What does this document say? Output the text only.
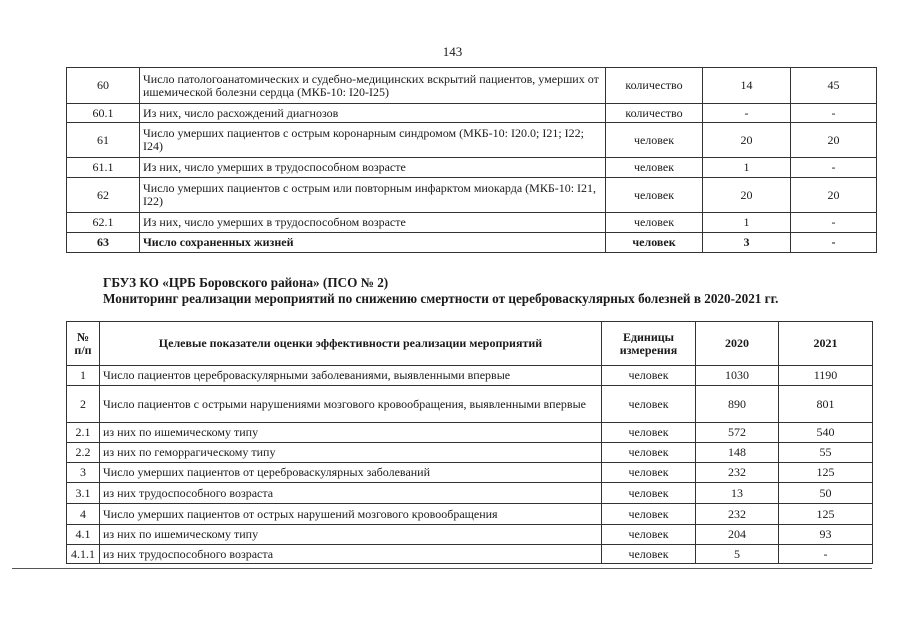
143
60	Число патологоанатомических и судебно-медицинских вскрытий пациентов, умерших от ишемической болезни сердца (МКБ-10: I20-I25)	количество	14	45
60.1	Из них, число расхождений диагнозов	количество	-	-
61	Число умерших пациентов с острым коронарным синдромом (МКБ-10: I20.0; I21; I22; I24)	человек	20	20
61.1	Из них, число умерших в трудоспособном возрасте	человек	1	-
62	Число умерших пациентов с острым или повторным инфарктом миокарда (МКБ-10: I21, I22)	человек	20	20
62.1	Из них, число умерших в трудоспособном возрасте	человек	1	-
63	Число сохраненных жизней	человек	3	-
ГБУЗ КО «ЦРБ Боровского района» (ПСО № 2)
Мониторинг реализации мероприятий по снижению смертности от цереброваскулярных болезней в 2020-2021 гг.
№ п/п	Целевые показатели оценки эффективности реализации мероприятий	Единицы измерения	2020	2021
1	Число пациентов цереброваскулярными заболеваниями, выявленными впервые	человек	1030	1190
2	Число пациентов с острыми нарушениями мозгового кровообращения, выявленными впервые	человек	890	801
2.1	из них по ишемическому типу	человек	572	540
2.2	из них по геморрагическому типу	человек	148	55
3	Число умерших пациентов от цереброваскулярных заболеваний	человек	232	125
3.1	из них трудоспособного возраста	человек	13	50
4	Число умерших пациентов от острых нарушений мозгового кровообращения	человек	232	125
4.1	из них по ишемическому типу	человек	204	93
4.1.1	из них трудоспособного возраста	человек	5	-
